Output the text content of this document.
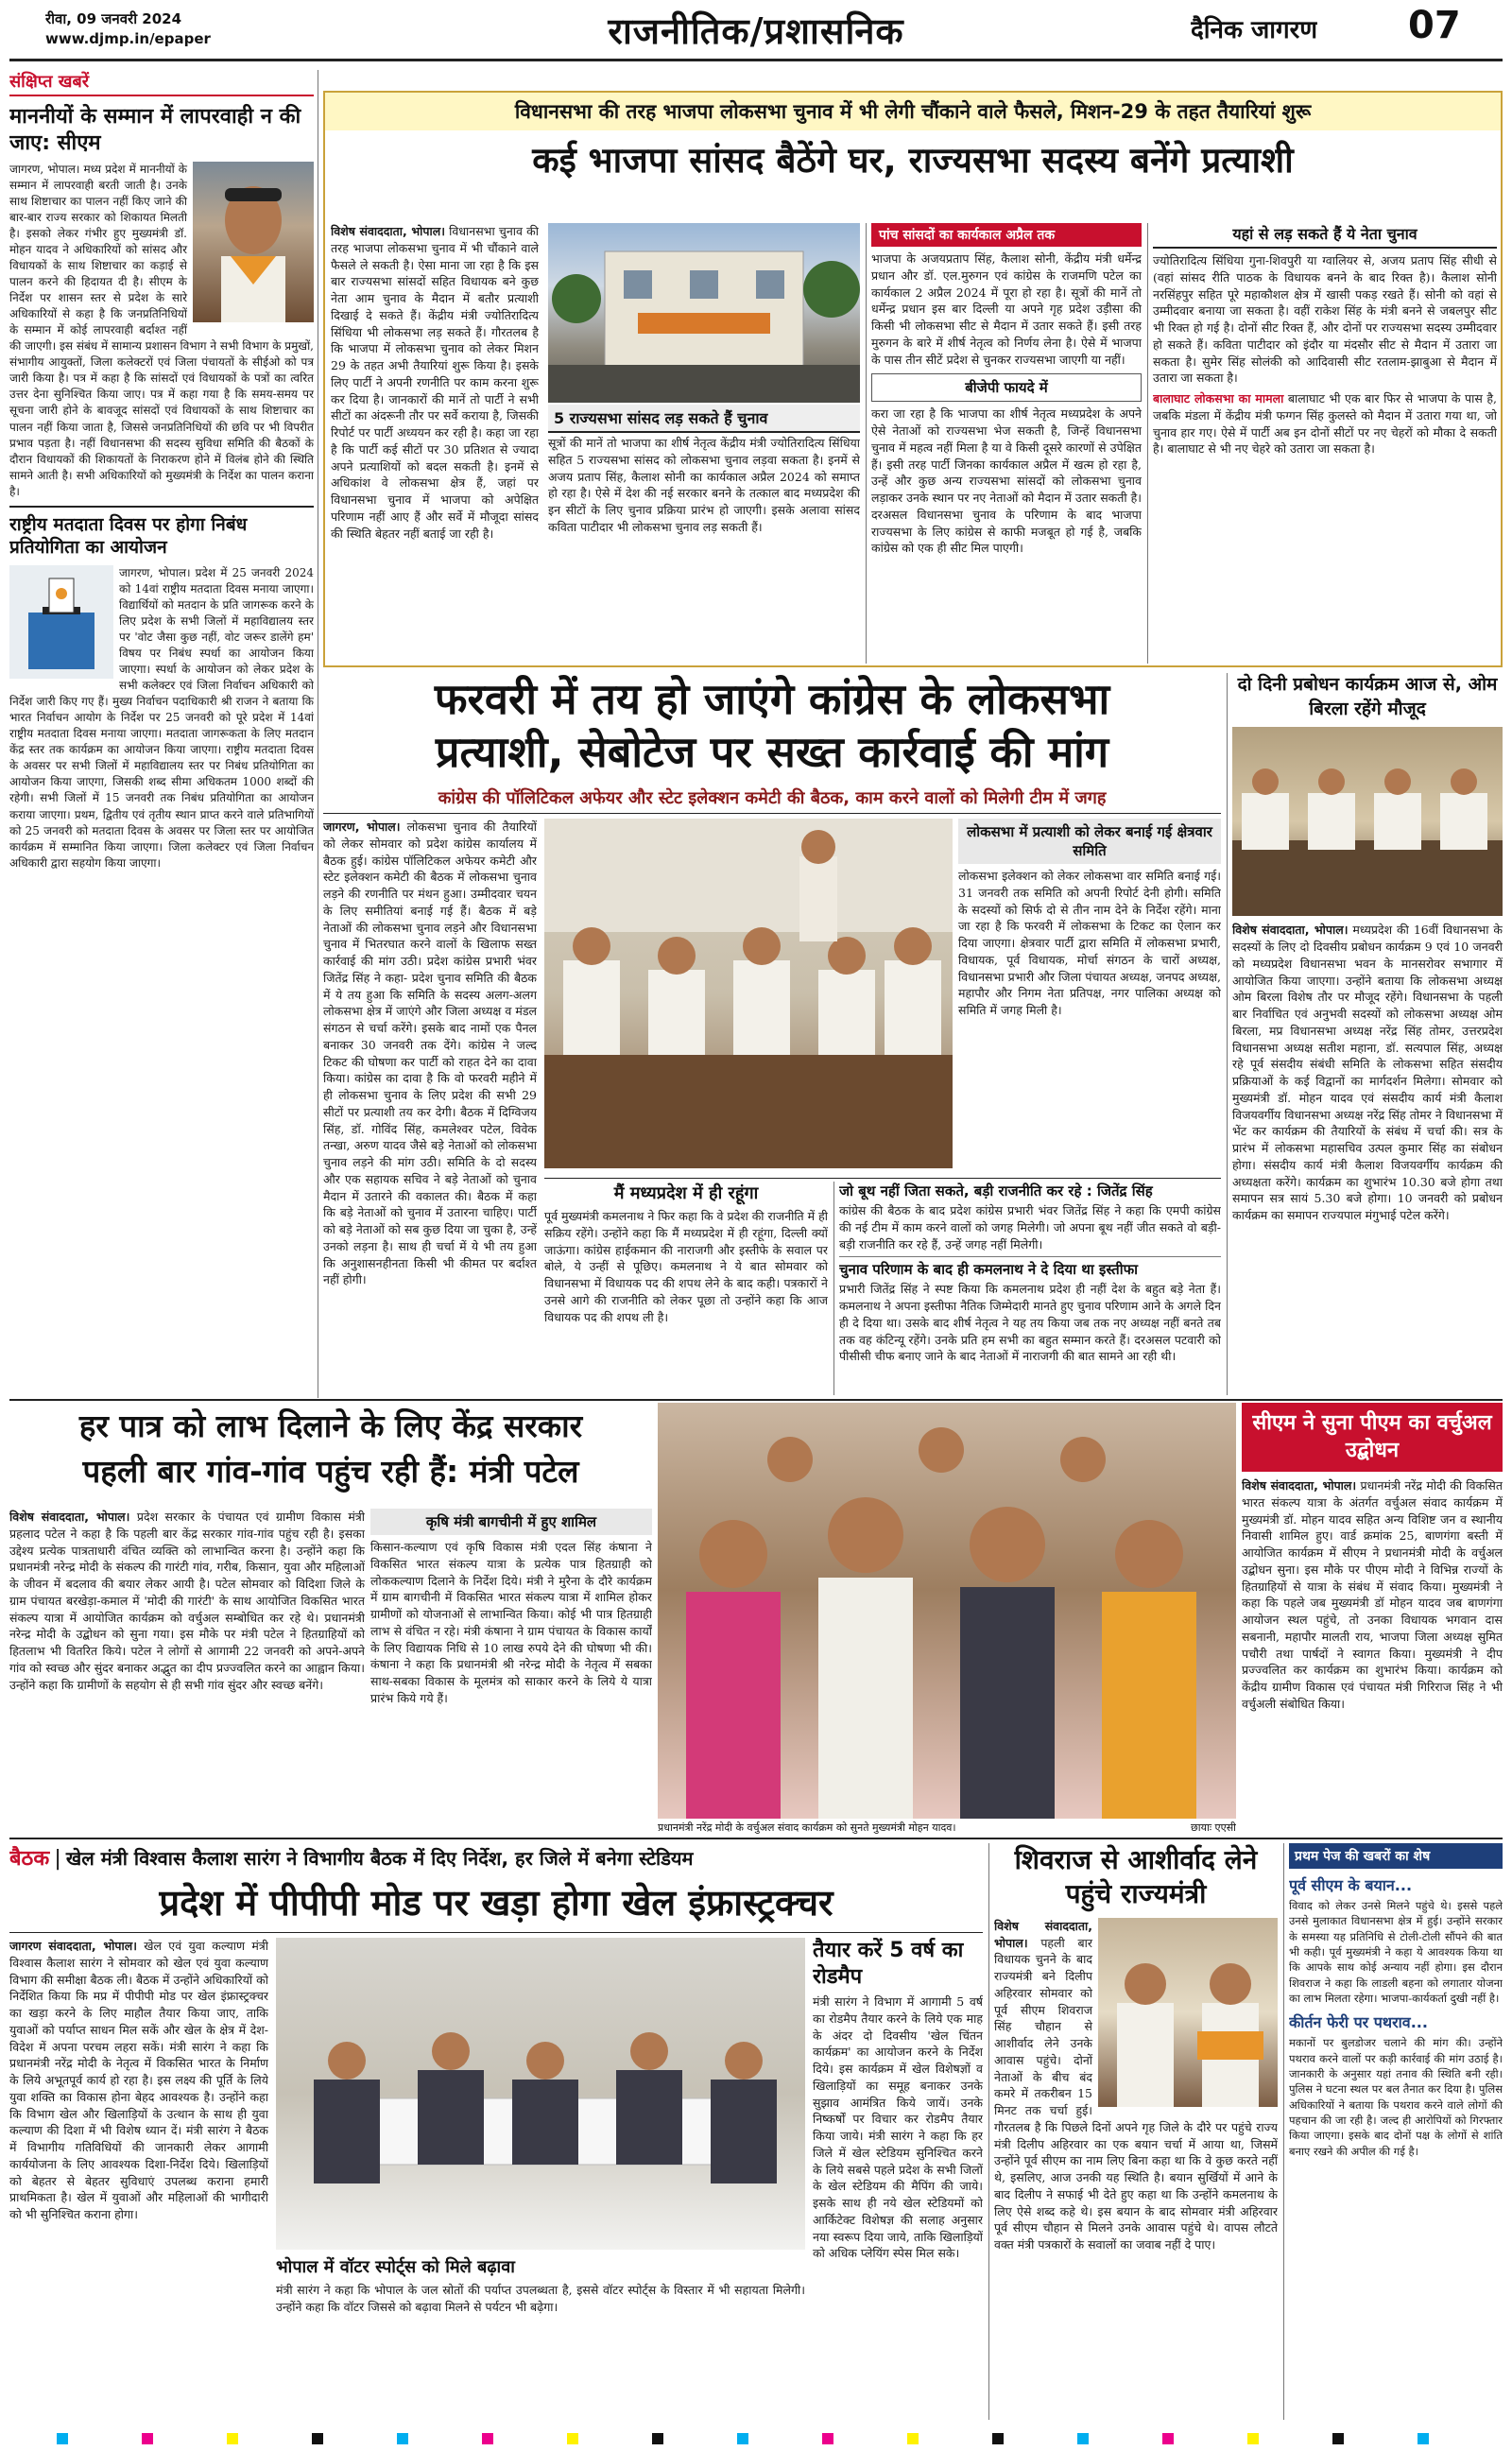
रीवा, 09 जनवरी 2024
www.djmp.in/epaper	राजनीतिक/प्रशासनिक	दैनिक जागरण 07
संक्षिप्त खबरें
माननीयों के सम्मान में लापरवाही न की जाए: सीएम
जागरण, भोपाल। मध्य प्रदेश में माननीयों के सम्मान में लापरवाही बरती जाती है। उनके साथ शिष्टाचार का पालन नहीं किए जाने की बार-बार राज्य सरकार को शिकायत मिलती है। इसको लेकर गंभीर हुए मुख्यमंत्री डॉ. मोहन यादव ने अधिकारियों को सांसद और विधायकों के साथ शिष्टाचार का कड़ाई से पालन करने की हिदायत दी है। सीएम के निर्देश पर शासन स्तर से प्रदेश के सारे अधिकारियों से कहा है कि जनप्रतिनिधियों के सम्मान में कोई लापरवाही बर्दाश्त नहीं की जाएगी। इस संबंध में सामान्य प्रशासन विभाग ने सभी विभाग के प्रमुखों, संभागीय आयुक्तों, जिला कलेक्टरों एवं जिला पंचायतों के सीईओ को पत्र जारी किया है। पत्र में कहा है कि सांसदों एवं विधायकों के पत्रों का त्वरित उत्तर देना सुनिश्चित किया जाए। पत्र में कहा गया है कि समय-समय पर सूचना जारी होने के बावजूद सांसदों एवं विधायकों के साथ शिष्टाचार का पालन नहीं किया जाता है, जिससे जनप्रतिनिधियों की छवि पर भी विपरीत प्रभाव पड़ता है। नहीं विधानसभा की सदस्य सुविधा समिति की बैठकों के दौरान विधायकों की शिकायतों के निराकरण होने में विलंब होने की स्थिति सामने आती है। सभी अधिकारियों को मुख्यमंत्री के निर्देश का पालन कराना है।
राष्ट्रीय मतदाता दिवस पर होगा निबंध प्रतियोगिता का आयोजन
जागरण, भोपाल। प्रदेश में 25 जनवरी 2024 को 14वां राष्ट्रीय मतदाता दिवस मनाया जाएगा। विद्यार्थियों को मतदान के प्रति जागरूक करने के लिए प्रदेश के सभी जिलों में महाविद्यालय स्तर पर 'वोट जैसा कुछ नहीं, वोट जरूर डालेंगे हम' विषय पर निबंध स्पर्धा का आयोजन किया जाएगा। स्पर्धा के आयोजन को लेकर प्रदेश के सभी कलेक्टर एवं जिला निर्वाचन अधिकारी को निर्देश जारी किए गए हैं। मुख्य निर्वाचन पदाधिकारी श्री राजन ने बताया कि भारत निर्वाचन आयोग के निर्देश पर 25 जनवरी को पूरे प्रदेश में 14वां राष्ट्रीय मतदाता दिवस मनाया जाएगा। मतदाता जागरूकता के लिए मतदान केंद्र स्तर तक कार्यक्रम का आयोजन किया जाएगा। राष्ट्रीय मतदाता दिवस के अवसर पर सभी जिलों में महाविद्यालय स्तर पर निबंध प्रतियोगिता का आयोजन किया जाएगा, जिसकी शब्द सीमा अधिकतम 1000 शब्दों की रहेगी। सभी जिलों में 15 जनवरी तक निबंध प्रतियोगिता का आयोजन कराया जाएगा। प्रथम, द्वितीय एवं तृतीय स्थान प्राप्त करने वाले प्रतिभागियों को 25 जनवरी को मतदाता दिवस के अवसर पर जिला स्तर पर आयोजित कार्यक्रम में सम्मानित किया जाएगा। जिला कलेक्टर एवं जिला निर्वाचन अधिकारी द्वारा सहयोग किया जाएगा।
विधानसभा की तरह भाजपा लोकसभा चुनाव में भी लेगी चौंकाने वाले फैसले, मिशन-29 के तहत तैयारियां शुरू
कई भाजपा सांसद बैठेंगे घर, राज्यसभा सदस्य बनेंगे प्रत्याशी
विशेष संवाददाता, भोपाल। विधानसभा चुनाव की तरह भाजपा लोकसभा चुनाव में भी चौंकाने वाले फैसले ले सकती है। ऐसा माना जा रहा है कि इस बार राज्यसभा सांसदों सहित विधायक बने कुछ नेता आम चुनाव के मैदान में बतौर प्रत्याशी दिखाई दे सकते हैं। केंद्रीय मंत्री ज्योतिरादित्य सिंधिया भी लोकसभा लड़ सकते हैं। गौरतलब है कि भाजपा में लोकसभा चुनाव को लेकर मिशन 29 के तहत अभी तैयारियां शुरू किया है। इसके लिए पार्टी ने अपनी रणनीति पर काम करना शुरू कर दिया है। जानकारों की मानें तो पार्टी ने सभी सीटों का अंदरूनी तौर पर सर्वे कराया है, जिसकी रिपोर्ट पर पार्टी अध्ययन कर रही है। कहा जा रहा है कि पार्टी कई सीटों पर 30 प्रतिशत से ज्यादा अपने प्रत्याशियों को बदल सकती है। इनमें से अधिकांश वे लोकसभा क्षेत्र हैं, जहां पर विधानसभा चुनाव में भाजपा को अपेक्षित परिणाम नहीं आए हैं और सर्वे में मौजूदा सांसद की स्थिति बेहतर नहीं बताई जा रही है।
5 राज्यसभा सांसद लड़ सकते हैं चुनाव
सूत्रों की मानें तो भाजपा का शीर्ष नेतृत्व केंद्रीय मंत्री ज्योतिरादित्य सिंधिया सहित 5 राज्यसभा सांसद को लोकसभा चुनाव लड़वा सकता है। इनमें से अजय प्रताप सिंह, कैलाश सोनी का कार्यकाल अप्रैल 2024 को समाप्त हो रहा है। ऐसे में देश की नई सरकार बनने के तत्काल बाद मध्यप्रदेश की इन सीटों के लिए चुनाव प्रक्रिया प्रारंभ हो जाएगी। इसके अलावा सांसद कविता पाटीदार भी लोकसभा चुनाव लड़ सकती हैं।
पांच सांसदों का कार्यकाल अप्रैल तक
भाजपा के अजयप्रताप सिंह, कैलाश सोनी, केंद्रीय मंत्री धर्मेन्द्र प्रधान और डॉ. एल.मुरुगन एवं कांग्रेस के राजमणि पटेल का कार्यकाल 2 अप्रैल 2024 में पूरा हो रहा है। सूत्रों की मानें तो धर्मेन्द्र प्रधान इस बार दिल्ली या अपने गृह प्रदेश उड़ीसा की किसी भी लोकसभा सीट से मैदान में उतार सकते हैं। इसी तरह मुरुगन के बारे में शीर्ष नेतृत्व को निर्णय लेना है। ऐसे में भाजपा के पास तीन सीटें प्रदेश से चुनकर राज्यसभा जाएगी या नहीं।
बीजेपी फायदे में
करा जा रहा है कि भाजपा का शीर्ष नेतृत्व मध्यप्रदेश के अपने ऐसे नेताओं को राज्यसभा भेज सकती है, जिन्हें विधानसभा चुनाव में महत्व नहीं मिला है या वे किसी दूसरे कारणों से उपेक्षित हैं। इसी तरह पार्टी जिनका कार्यकाल अप्रैल में खत्म हो रहा है, उन्हें और कुछ अन्य राज्यसभा सांसदों को लोकसभा चुनाव लड़ाकर उनके स्थान पर नए नेताओं को मैदान में उतार सकती है। दरअसल विधानसभा चुनाव के परिणाम के बाद भाजपा राज्यसभा के लिए कांग्रेस से काफी मजबूत हो गई है, जबकि कांग्रेस को एक ही सीट मिल पाएगी।
यहां से लड़ सकते हैं ये नेता चुनाव
ज्योतिरादित्य सिंधिया गुना-शिवपुरी या ग्वालियर से, अजय प्रताप सिंह सीधी से (वहां सांसद रीति पाठक के विधायक बनने के बाद रिक्त है)। कैलाश सोनी नरसिंहपुर सहित पूरे महाकौशल क्षेत्र में खासी पकड़ रखते हैं। सोनी को वहां से उम्मीदवार बनाया जा सकता है। वहीं राकेश सिंह के मंत्री बनने से जबलपुर सीट भी रिक्त हो गई है। दोनों सीट रिक्त हैं, और दोनों पर राज्यसभा सदस्य उम्मीदवार हो सकते हैं। कविता पाटीदार को इंदौर या मंदसौर सीट से मैदान में उतारा जा सकता है। सुमेर सिंह सोलंकी को आदिवासी सीट रतलाम-झाबुआ से मैदान में उतारा जा सकता है।
बालाघाट लोकसभा का मामला बालाघाट भी एक बार फिर से भाजपा के पास है, जबकि मंडला में केंद्रीय मंत्री फग्गन सिंह कुलस्ते को मैदान में उतारा गया था, जो चुनाव हार गए। ऐसे में पार्टी अब इन दोनों सीटों पर नए चेहरों को मौका दे सकती है। बालाघाट से भी नए चेहरे को उतारा जा सकता है।
फरवरी में तय हो जाएंगे कांग्रेस के लोकसभा
प्रत्याशी, सेबोटेज पर सख्त कार्रवाई की मांग
कांग्रेस की पॉलिटिकल अफेयर और स्टेट इलेक्शन कमेटी की बैठक, काम करने वालों को मिलेगी टीम में जगह
जागरण, भोपाल। लोकसभा चुनाव की तैयारियों को लेकर सोमवार को प्रदेश कांग्रेस कार्यालय में बैठक हुई। कांग्रेस पॉलिटिकल अफेयर कमेटी और स्टेट इलेक्शन कमेटी की बैठक में लोकसभा चुनाव लड़ने की रणनीति पर मंथन हुआ। उम्मीदवार चयन के लिए समीतियां बनाई गई हैं। बैठक में बड़े नेताओं की लोकसभा चुनाव लड़ने और विधानसभा चुनाव में भितरघात करने वालों के खिलाफ सख्त कार्रवाई की मांग उठी। प्रदेश कांग्रेस प्रभारी भंवर जितेंद्र सिंह ने कहा- प्रदेश चुनाव समिति की बैठक में ये तय हुआ कि समिति के सदस्य अलग-अलग लोकसभा क्षेत्र में जाएंगे और जिला अध्यक्ष व मंडल संगठन से चर्चा करेंगे। इसके बाद नामों एक पैनल बनाकर 30 जनवरी तक देंगे। कांग्रेस ने जल्द टिकट की घोषणा कर पार्टी को राहत देने का दावा किया। कांग्रेस का दावा है कि वो फरवरी महीने में ही लोकसभा चुनाव के लिए प्रदेश की सभी 29 सीटों पर प्रत्याशी तय कर देगी। बैठक में दिग्विजय सिंह, डॉ. गोविंद सिंह, कमलेश्वर पटेल, विवेक तन्खा, अरुण यादव जैसे बड़े नेताओं को लोकसभा चुनाव लड़ने की मांग उठी। समिति के दो सदस्य और एक सहायक सचिव ने बड़े नेताओं को चुनाव मैदान में उतारने की वकालत की। बैठक में कहा कि बड़े नेताओं को चुनाव में उतारना चाहिए। पार्टी को बड़े नेताओं को सब कुछ दिया जा चुका है, उन्हें उनको लड़ना है। साथ ही चर्चा में ये भी तय हुआ कि अनुशासनहीनता किसी भी कीमत पर बर्दाश्त नहीं होगी।
लोकसभा में प्रत्याशी को लेकर बनाई गई क्षेत्रवार समिति
लोकसभा इलेक्शन को लेकर लोकसभा वार समिति बनाई गई। 31 जनवरी तक समिति को अपनी रिपोर्ट देनी होगी। समिति के सदस्यों को सिर्फ दो से तीन नाम देने के निर्देश रहेंगे। माना जा रहा है कि फरवरी में लोकसभा के टिकट का ऐलान कर दिया जाएगा। क्षेत्रवार पार्टी द्वारा समिति में लोकसभा प्रभारी, विधायक, पूर्व विधायक, मोर्चा संगठन के चारों अध्यक्ष, विधानसभा प्रभारी और जिला पंचायत अध्यक्ष, जनपद अध्यक्ष, महापौर और निगम नेता प्रतिपक्ष, नगर पालिका अध्यक्ष को समिति में जगह मिली है।
मैं मध्यप्रदेश में ही रहूंगा
पूर्व मुख्यमंत्री कमलनाथ ने फिर कहा कि वे प्रदेश की राजनीति में ही सक्रिय रहेंगे। उन्होंने कहा कि मैं मध्यप्रदेश में ही रहूंगा, दिल्ली क्यों जाऊंगा। कांग्रेस हाईकमान की नाराजगी और इस्तीफे के सवाल पर बोले, ये उन्हीं से पूछिए। कमलनाथ ने ये बात सोमवार को विधानसभा में विधायक पद की शपथ लेने के बाद कही। पत्रकारों ने उनसे आगे की राजनीति को लेकर पूछा तो उन्होंने कहा कि आज विधायक पद की शपथ ली है।
जो बूथ नहीं जिता सकते, बड़ी राजनीति कर रहे : जितेंद्र सिंह
कांग्रेस की बैठक के बाद प्रदेश कांग्रेस प्रभारी भंवर जितेंद्र सिंह ने कहा कि एमपी कांग्रेस की नई टीम में काम करने वालों को जगह मिलेगी। जो अपना बूथ नहीं जीत सकते वो बड़ी-बड़ी राजनीति कर रहे हैं, उन्हें जगह नहीं मिलेगी।
चुनाव परिणाम के बाद ही कमलनाथ ने दे दिया था इस्तीफा
प्रभारी जितेंद्र सिंह ने स्पष्ट किया कि कमलनाथ प्रदेश ही नहीं देश के बहुत बड़े नेता हैं। कमलनाथ ने अपना इस्तीफा नैतिक जिम्मेदारी मानते हुए चुनाव परिणाम आने के अगले दिन ही दे दिया था। उसके बाद शीर्ष नेतृत्व ने यह तय किया जब तक नए अध्यक्ष नहीं बनते तब तक वह कंटिन्यू रहेंगे। उनके प्रति हम सभी का बहुत सम्मान करते हैं। दरअसल पटवारी को पीसीसी चीफ बनाए जाने के बाद नेताओं में नाराजगी की बात सामने आ रही थी।
दो दिनी प्रबोधन कार्यक्रम आज से, ओम बिरला रहेंगे मौजूद
विशेष संवाददाता, भोपाल। मध्यप्रदेश की 16वीं विधानसभा के सदस्यों के लिए दो दिवसीय प्रबोधन कार्यक्रम 9 एवं 10 जनवरी को मध्यप्रदेश विधानसभा भवन के मानसरोवर सभागार में आयोजित किया जाएगा। उन्होंने बताया कि लोकसभा अध्यक्ष ओम बिरला विशेष तौर पर मौजूद रहेंगे। विधानसभा के पहली बार निर्वाचित एवं अनुभवी सदस्यों को लोकसभा अध्यक्ष ओम बिरला, मप्र विधानसभा अध्यक्ष नरेंद्र सिंह तोमर, उत्तरप्रदेश विधानसभा अध्यक्ष सतीश महाना, डॉ. सत्यपाल सिंह, अध्यक्ष रहे पूर्व संसदीय संबंधी समिति के लोकसभा सहित संसदीय प्रक्रियाओं के कई विद्वानों का मार्गदर्शन मिलेगा। सोमवार को मुख्यमंत्री डॉ. मोहन यादव एवं संसदीय कार्य मंत्री कैलाश विजयवर्गीय विधानसभा अध्यक्ष नरेंद्र सिंह तोमर ने विधानसभा में भेंट कर कार्यक्रम की तैयारियों के संबंध में चर्चा की। सत्र के प्रारंभ में लोकसभा महासचिव उत्पल कुमार सिंह का संबोधन होगा। संसदीय कार्य मंत्री कैलाश विजयवर्गीय कार्यक्रम की अध्यक्षता करेंगे। कार्यक्रम का शुभारंभ 10.30 बजे होगा तथा समापन सत्र सायं 5.30 बजे होगा। 10 जनवरी को प्रबोधन कार्यक्रम का समापन राज्यपाल मंगुभाई पटेल करेंगे।
हर पात्र को लाभ दिलाने के लिए केंद्र सरकार
पहली बार गांव-गांव पहुंच रही हैं: मंत्री पटेल
विशेष संवाददाता, भोपाल। प्रदेश सरकार के पंचायत एवं ग्रामीण विकास मंत्री प्रहलाद पटेल ने कहा है कि पहली बार केंद्र सरकार गांव-गांव पहुंच रही है। इसका उद्देश्य प्रत्येक पात्रताधारी वंचित व्यक्ति को लाभान्वित करना है। उन्होंने कहा कि प्रधानमंत्री नरेन्द्र मोदी के संकल्प की गारंटी गांव, गरीब, किसान, युवा और महिलाओं के जीवन में बदलाव की बयार लेकर आयी है। पटेल सोमवार को विदिशा जिले के ग्राम पंचायत बरखेड़ा-कमाल में 'मोदी की गारंटी' के साथ आयोजित विकसित भारत संकल्प यात्रा में आयोजित कार्यक्रम को वर्चुअल सम्बोधित कर रहे थे। प्रधानमंत्री नरेन्द्र मोदी के उद्बोधन को सुना गया। इस मौके पर मंत्री पटेल ने हितग्राहियों को हितलाभ भी वितरित किये। पटेल ने लोगों से आगामी 22 जनवरी को अपने-अपने गांव को स्वच्छ और सुंदर बनाकर अद्भुत का दीप प्रज्ज्वलित करने का आह्वान किया। उन्होंने कहा कि ग्रामीणों के सहयोग से ही सभी गांव सुंदर और स्वच्छ बनेंगे।
कृषि मंत्री बागचीनी में हुए शामिल
किसान-कल्याण एवं कृषि विकास मंत्री एदल सिंह कंषाना ने विकसित भारत संकल्प यात्रा के प्रत्येक पात्र हितग्राही को लोककल्याण दिलाने के निर्देश दिये। मंत्री ने मुरैना के दौरे कार्यक्रम में ग्राम बागचीनी में विकसित भारत संकल्प यात्रा में शामिल होकर ग्रामीणों को योजनाओं से लाभान्वित किया। कोई भी पात्र हितग्राही लाभ से वंचित न रहे। मंत्री कंषाना ने ग्राम पंचायत के विकास कार्यों के लिए विद्यायक निधि से 10 लाख रुपये देने की घोषणा भी की। कंषाना ने कहा कि प्रधानमंत्री श्री नरेन्द्र मोदी के नेतृत्व में सबका साथ-सबका विकास के मूलमंत्र को साकार करने के लिये ये यात्रा प्रारंभ किये गये हैं।
प्रधानमंत्री नरेंद्र मोदी के वर्चुअल संवाद कार्यक्रम को सुनते मुख्यमंत्री मोहन यादव।	छायाः एएसी
सीएम ने सुना पीएम का वर्चुअल उद्बोधन
विशेष संवाददाता, भोपाल। प्रधानमंत्री नरेंद्र मोदी की विकसित भारत संकल्प यात्रा के अंतर्गत वर्चुअल संवाद कार्यक्रम में मुख्यमंत्री डॉ. मोहन यादव सहित अन्य विशिष्ट जन व स्थानीय निवासी शामिल हुए। वार्ड क्रमांक 25, बाणगंगा बस्ती में आयोजित कार्यक्रम में सीएम ने प्रधानमंत्री मोदी के वर्चुअल उद्बोधन सुना। इस मौके पर पीएम मोदी ने विभिन्न राज्यों के हितग्राहियों से यात्रा के संबंध में संवाद किया। मुख्यमंत्री ने कहा कि पहले जब मुख्यमंत्री डॉ मोहन यादव जब बाणगंगा आयोजन स्थल पहुंचे, तो उनका विधायक भगवान दास सबनानी, महापौर मालती राय, भाजपा जिला अध्यक्ष सुमित पचौरी तथा पार्षदों ने स्वागत किया। मुख्यमंत्री ने दीप प्रज्ज्वलित कर कार्यक्रम का शुभारंभ किया। कार्यक्रम को केंद्रीय ग्रामीण विकास एवं पंचायत मंत्री गिरिराज सिंह ने भी वर्चुअली संबोधित किया।
बैठक | खेल मंत्री विश्वास कैलाश सारंग ने विभागीय बैठक में दिए निर्देश, हर जिले में बनेगा स्टेडियम
प्रदेश में पीपीपी मोड पर खड़ा होगा खेल इंफ्रास्ट्रक्चर
जागरण संवाददाता, भोपाल। खेल एवं युवा कल्याण मंत्री विश्वास कैलाश सारंग ने सोमवार को खेल एवं युवा कल्याण विभाग की समीक्षा बैठक ली। बैठक में उन्होंने अधिकारियों को निर्देशित किया कि मप्र में पीपीपी मोड पर खेल इंफ्रास्ट्रक्चर का खड़ा करने के लिए माहौल तैयार किया जाए, ताकि युवाओं को पर्याप्त साधन मिल सकें और खेल के क्षेत्र में देश-विदेश में अपना परचम लहरा सकें। मंत्री सारंग ने कहा कि प्रधानमंत्री नरेंद्र मोदी के नेतृत्व में विकसित भारत के निर्माण के लिये अभूतपूर्व कार्य हो रहा है। इस लक्ष्य की पूर्ति के लिये युवा शक्ति का विकास होना बेहद आवश्यक है। उन्होंने कहा कि विभाग खेल और खिलाड़ियों के उत्थान के साथ ही युवा कल्याण की दिशा में भी विशेष ध्यान दें। मंत्री सारंग ने बैठक में विभागीय गतिविधियों की जानकारी लेकर आगामी कार्ययोजना के लिए आवश्यक दिशा-निर्देश दिये। खिलाड़ियों को बेहतर से बेहतर सुविधाएं उपलब्ध कराना हमारी प्राथमिकता है। खेल में युवाओं और महिलाओं की भागीदारी को भी सुनिश्चित कराना होगा।
तैयार करें 5 वर्ष का रोडमैप
मंत्री सारंग ने विभाग में आगामी 5 वर्ष का रोडमैप तैयार करने के लिये एक माह के अंदर दो दिवसीय 'खेल चिंतन कार्यक्रम' का आयोजन करने के निर्देश दिये। इस कार्यक्रम में खेल विशेषज्ञों व खिलाड़ियों का समूह बनाकर उनके सुझाव आमंत्रित किये जायें। उनके निष्कर्षों पर विचार कर रोडमैप तैयार किया जाये। मंत्री सारंग ने कहा कि हर जिले में खेल स्टेडियम सुनिश्चित करने के लिये सबसे पहले प्रदेश के सभी जिलों के खेल स्टेडियम की मैपिंग की जाये। इसके साथ ही नये खेल स्टेडियमों को आर्किटेक्ट विशेषज्ञ की सलाह अनुसार नया स्वरूप दिया जाये, ताकि खिलाड़ियों को अधिक प्लेयिंग स्पेस मिल सके।
भोपाल में वॉटर स्पोर्ट्स को मिले बढ़ावा
मंत्री सारंग ने कहा कि भोपाल के जल स्रोतों की पर्याप्त उपलब्धता है, इससे वॉटर स्पोर्ट्स के विस्तार में भी सहायता मिलेगी। उन्होंने कहा कि वॉटर जिससे को बढ़ावा मिलने से पर्यटन भी बढ़ेगा।
शिवराज से आशीर्वाद लेने पहुंचे राज्यमंत्री
विशेष संवाददाता, भोपाल। पहली बार विधायक चुनने के बाद राज्यमंत्री बने दिलीप अहिरवार सोमवार को पूर्व सीएम शिवराज सिंह चौहान से आशीर्वाद लेने उनके आवास पहुंचे। दोनों नेताओं के बीच बंद कमरे में तकरीबन 15 मिनट तक चर्चा हुई। गौरतलब है कि पिछले दिनों अपने गृह जिले के दौरे पर पहुंचे राज्य मंत्री दिलीप अहिरवार का एक बयान चर्चा में आया था, जिसमें उन्होंने पूर्व सीएम का नाम लिए बिना कहा था कि वे कुछ करते नहीं थे, इसलिए, आज उनकी यह स्थिति है। बयान सुर्खियों में आने के बाद दिलीप ने सफाई भी देते हुए कहा था कि उन्होंने कमलनाथ के लिए ऐसे शब्द कहे थे। इस बयान के बाद सोमवार मंत्री अहिरवार पूर्व सीएम चौहान से मिलने उनके आवास पहुंचे थे। वापस लौटते वक्त मंत्री पत्रकारों के सवालों का जवाब नहीं दे पाए।
प्रथम पेज की खबरों का शेष
पूर्व सीएम के बयान...
विवाद को लेकर उनसे मिलने पहुंचे थे। इससे पहले उनसे मुलाकात विधानसभा क्षेत्र में हुई। उन्होंने सरकार के समस्या यह प्रतिनिधि से टोली-टोली सौंपने की बात भी कही। पूर्व मुख्यमंत्री ने कहा ये आवश्यक किया था कि आपके साथ कोई अन्याय नहीं होगा। इस दौरान शिवराज ने कहा कि लाडली बहना को लगातार योजना का लाभ मिलता रहेगा। भाजपा-कार्यकर्ता दुखी नहीं है।
कीर्तन फेरी पर पथराव...
मकानों पर बुलडोजर चलाने की मांग की। उन्होंने पथराव करने वालों पर कड़ी कार्रवाई की मांग उठाई है। जानकारी के अनुसार यहां तनाव की स्थिति बनी रही। पुलिस ने घटना स्थल पर बल तैनात कर दिया है। पुलिस अधिकारियों ने बताया कि पथराव करने वाले लोगों की पहचान की जा रही है। जल्द ही आरोपियों को गिरफ्तार किया जाएगा। इसके बाद दोनों पक्ष के लोगों से शांति बनाए रखने की अपील की गई है।
